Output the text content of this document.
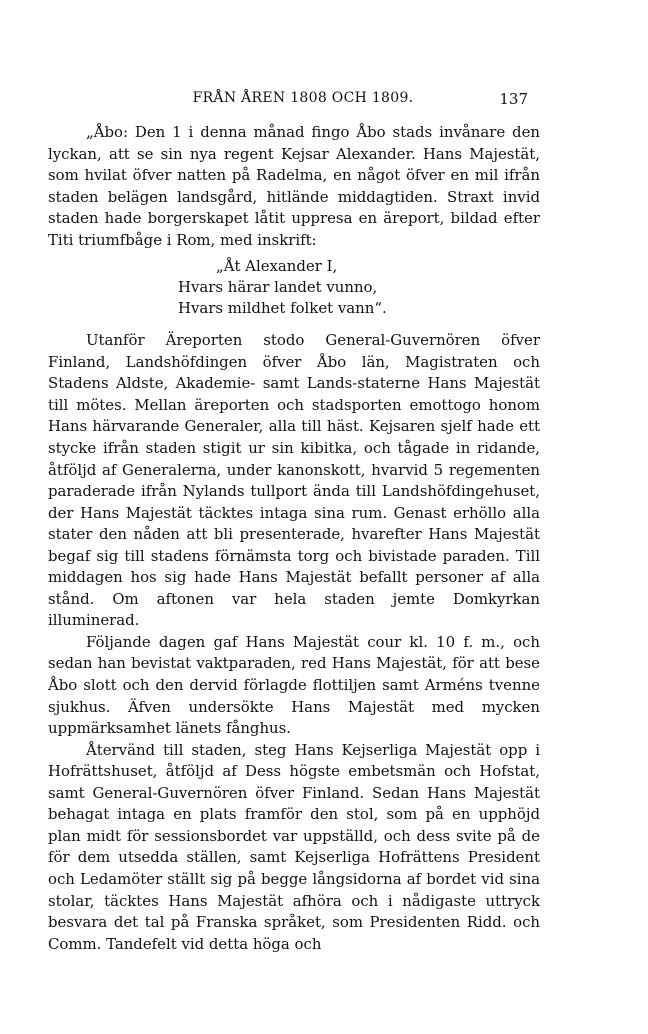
FRÅN ÅREN 1808 OCH 1809.	137

„Åbo: Den 1 i denna månad fingo Åbo stads invånare den lyckan, att se sin nya regent Kejsar Alexander. Hans Majestät, som hvilat öfver natten på Radelma, en något öfver en mil ifrån staden belägen landsgård, hitlände middagtiden. Straxt invid staden hade borgerskapet låtit uppresa en äreport, bildad efter Titi triumfbåge i Rom, med inskrift:

„Åt Alexander I,
Hvars härar landet vunno,
Hvars mildhet folket vann“.

Utanför Äreporten stodo General-Guvernören öfver Finland, Landshöfdingen öfver Åbo län, Magistraten och Stadens Aldste, Akademie- samt Lands-staterne Hans Majestät till mötes. Mellan äreporten och stadsporten emottogo honom Hans härvarande Generaler, alla till häst. Kejsaren sjelf hade ett stycke ifrån staden stigit ur sin kibitka, och tågade in ridande, åtföljd af Generalerna, under kanonskott, hvarvid 5 regementen paraderade ifrån Nylands tullport ända till Landshöfdingehuset, der Hans Majestät täcktes intaga sina rum. Genast erhöllo alla stater den nåden att bli presenterade, hvarefter Hans Majestät begaf sig till stadens förnämsta torg och bivistade paraden. Till middagen hos sig hade Hans Majestät befallt personer af alla stånd. Om aftonen var hela staden jemte Domkyrkan illuminerad.

Följande dagen gaf Hans Majestät cour kl. 10 f. m., och sedan han bevistat vaktparaden, red Hans Majestät, för att bese Åbo slott och den dervid förlagde flottiljen samt Arméns tvenne sjukhus. Äfven undersökte Hans Majestät med mycken uppmärksamhet länets fånghus.

Återvänd till staden, steg Hans Kejserliga Majestät opp i Hofrättshuset, åtföljd af Dess högste embetsmän och Hofstat, samt General-Guvernören öfver Finland. Sedan Hans Majestät behagat intaga en plats framför den stol, som på en upphöjd plan midt för sessionsbordet var uppställd, och dess svite på de för dem utsedda ställen, samt Kejserliga Hofrättens President och Ledamöter ställt sig på begge långsidorna af bordet vid sina stolar, täcktes Hans Majestät afhöra och i nådigaste uttryck besvara det tal på Franska språket, som Presidenten Ridd. och Comm. Tandefelt vid detta höga och
